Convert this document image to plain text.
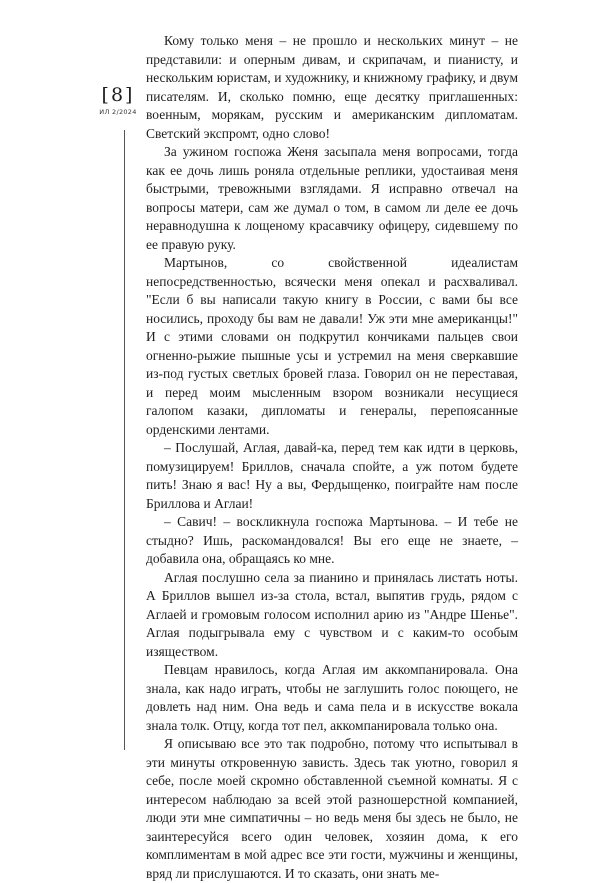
[8]
ИЛ 2/2024

Кому только меня – не прошло и нескольких минут – не представили: и оперным дивам, и скрипачам, и пианисту, и нескольким юристам, и художнику, и книжному графику, и двум писателям. И, сколько помню, еще десятку приглашенных: военным, морякам, русским и американским дипломатам. Светский экспромт, одно слово!

За ужином госпожа Женя засыпала меня вопросами, тогда как ее дочь лишь роняла отдельные реплики, удостаивая меня быстрыми, тревожными взглядами. Я исправно отвечал на вопросы матери, сам же думал о том, в самом ли деле ее дочь неравнодушна к лощеному красавчику офицеру, сидевшему по ее правую руку.

Мартынов, со свойственной идеалистам непосредственностью, всячески меня опекал и расхваливал. "Если б вы написали такую книгу в России, с вами бы все носились, проходу бы вам не давали! Уж эти мне американцы!" И с этими словами он подкрутил кончиками пальцев свои огненно-рыжие пышные усы и устремил на меня сверкавшие из-под густых светлых бровей глаза. Говорил он не переставая, и перед моим мысленным взором возникали несущиеся галопом казаки, дипломаты и генералы, перепоясанные орденскими лентами.

– Послушай, Аглая, давай-ка, перед тем как идти в церковь, помузицируем! Бриллов, сначала спойте, а уж потом будете пить! Знаю я вас! Ну а вы, Фердыщенко, поиграйте нам после Бриллова и Аглаи!

– Савич! – воскликнула госпожа Мартынова. – И тебе не стыдно? Ишь, раскомандовался! Вы его еще не знаете, – добавила она, обращаясь ко мне.

Аглая послушно села за пианино и принялась листать ноты. А Бриллов вышел из-за стола, встал, выпятив грудь, рядом с Аглаей и громовым голосом исполнил арию из "Андре Шенье". Аглая подыгрывала ему с чувством и с каким-то особым изяществом.

Певцам нравилось, когда Аглая им аккомпанировала. Она знала, как надо играть, чтобы не заглушить голос поющего, не довлеть над ним. Она ведь и сама пела и в искусстве вокала знала толк. Отцу, когда тот пел, аккомпанировала только она.

Я описываю все это так подробно, потому что испытывал в эти минуты откровенную зависть. Здесь так уютно, говорил я себе, после моей скромно обставленной съемной комнаты. Я с интересом наблюдаю за всей этой разношерстной компанией, люди эти мне симпатичны – но ведь меня бы здесь не было, не заинтересуйся всего один человек, хозяин дома, к его комплиментам в мой адрес все эти гости, мужчины и женщины, вряд ли прислушаются. И то сказать, они знать ме-
